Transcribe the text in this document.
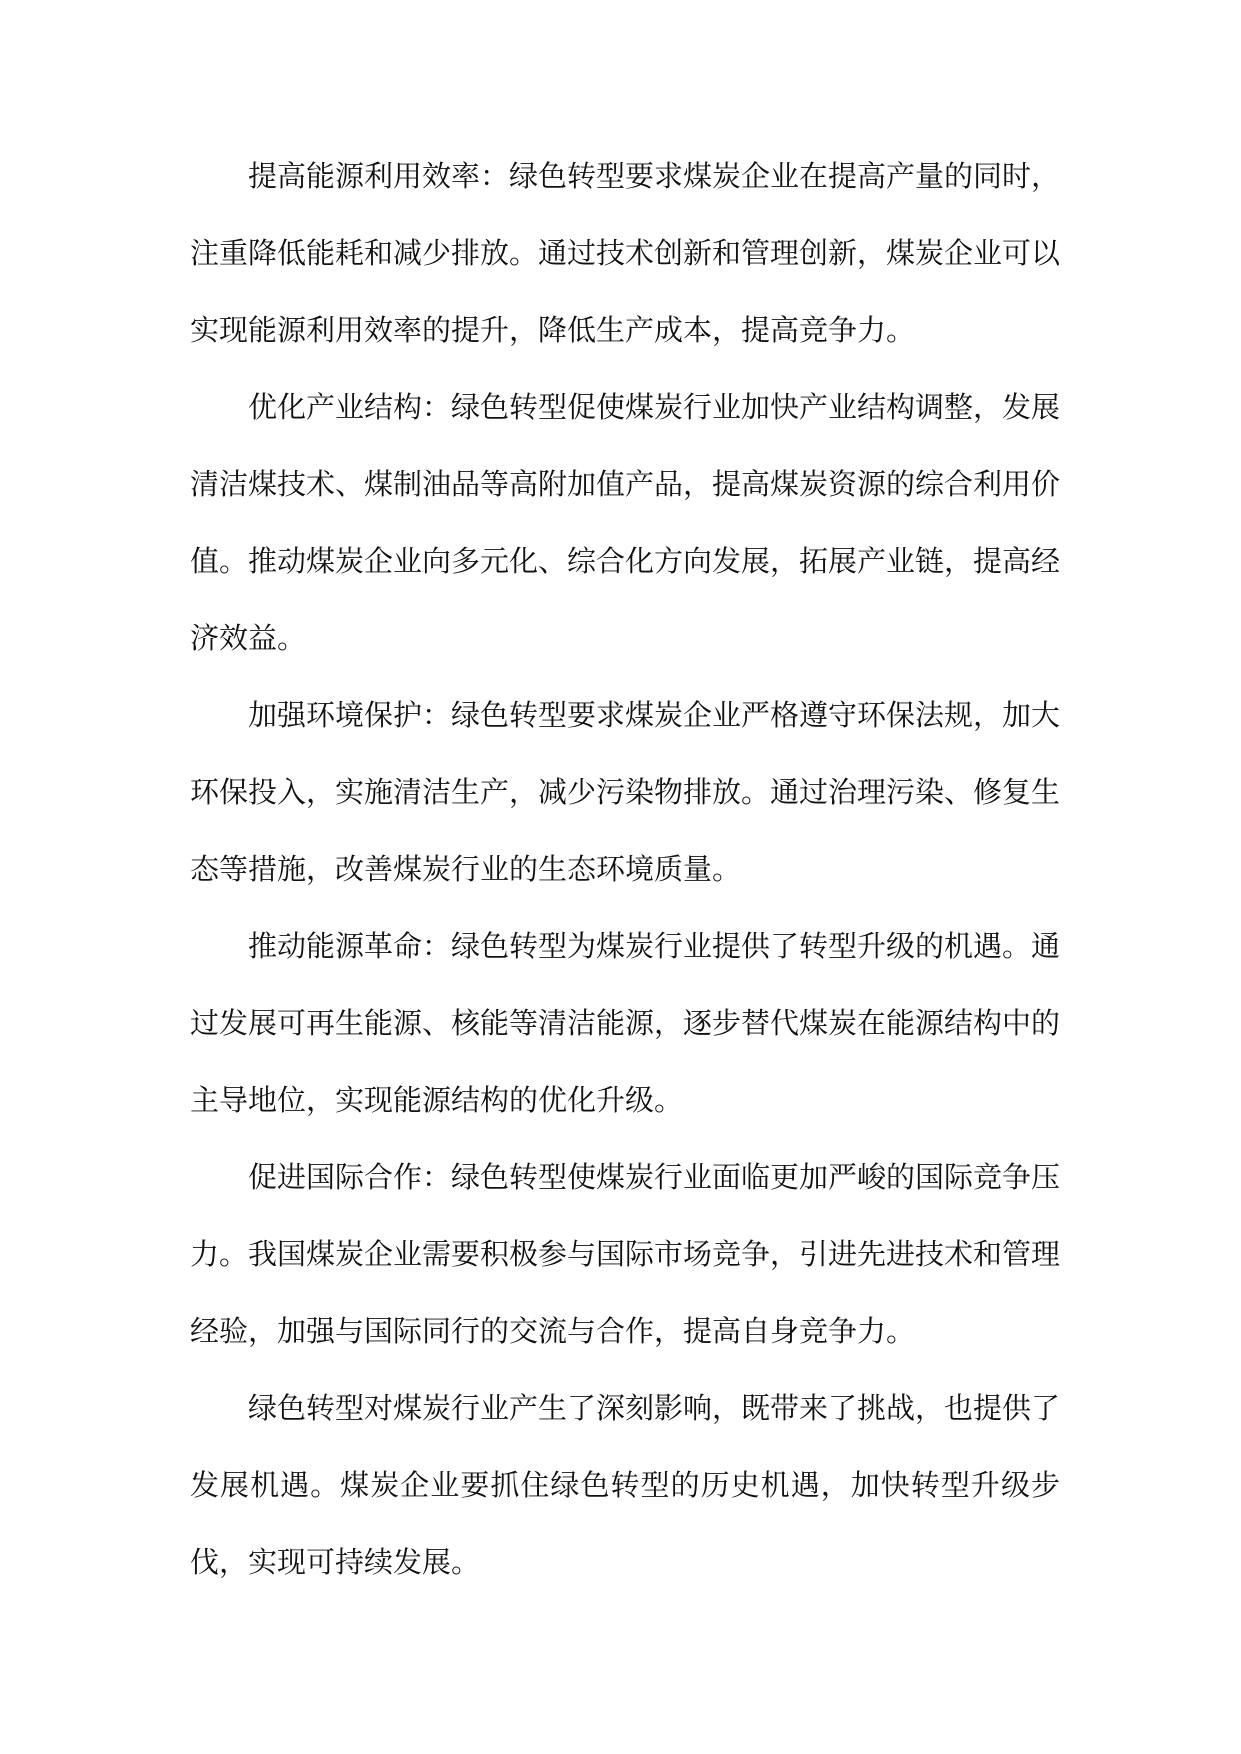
提高能源利用效率：绿色转型要求煤炭企业在提高产量的同时，注重降低能耗和减少排放。通过技术创新和管理创新，煤炭企业可以实现能源利用效率的提升，降低生产成本，提高竞争力。

优化产业结构：绿色转型促使煤炭行业加快产业结构调整，发展清洁煤技术、煤制油品等高附加值产品，提高煤炭资源的综合利用价值。推动煤炭企业向多元化、综合化方向发展，拓展产业链，提高经济效益。

加强环境保护：绿色转型要求煤炭企业严格遵守环保法规，加大环保投入，实施清洁生产，减少污染物排放。通过治理污染、修复生态等措施，改善煤炭行业的生态环境质量。

推动能源革命：绿色转型为煤炭行业提供了转型升级的机遇。通过发展可再生能源、核能等清洁能源，逐步替代煤炭在能源结构中的主导地位，实现能源结构的优化升级。

促进国际合作：绿色转型使煤炭行业面临更加严峻的国际竞争压力。我国煤炭企业需要积极参与国际市场竞争，引进先进技术和管理经验，加强与国际同行的交流与合作，提高自身竞争力。

绿色转型对煤炭行业产生了深刻影响，既带来了挑战，也提供了发展机遇。煤炭企业要抓住绿色转型的历史机遇，加快转型升级步伐，实现可持续发展。
